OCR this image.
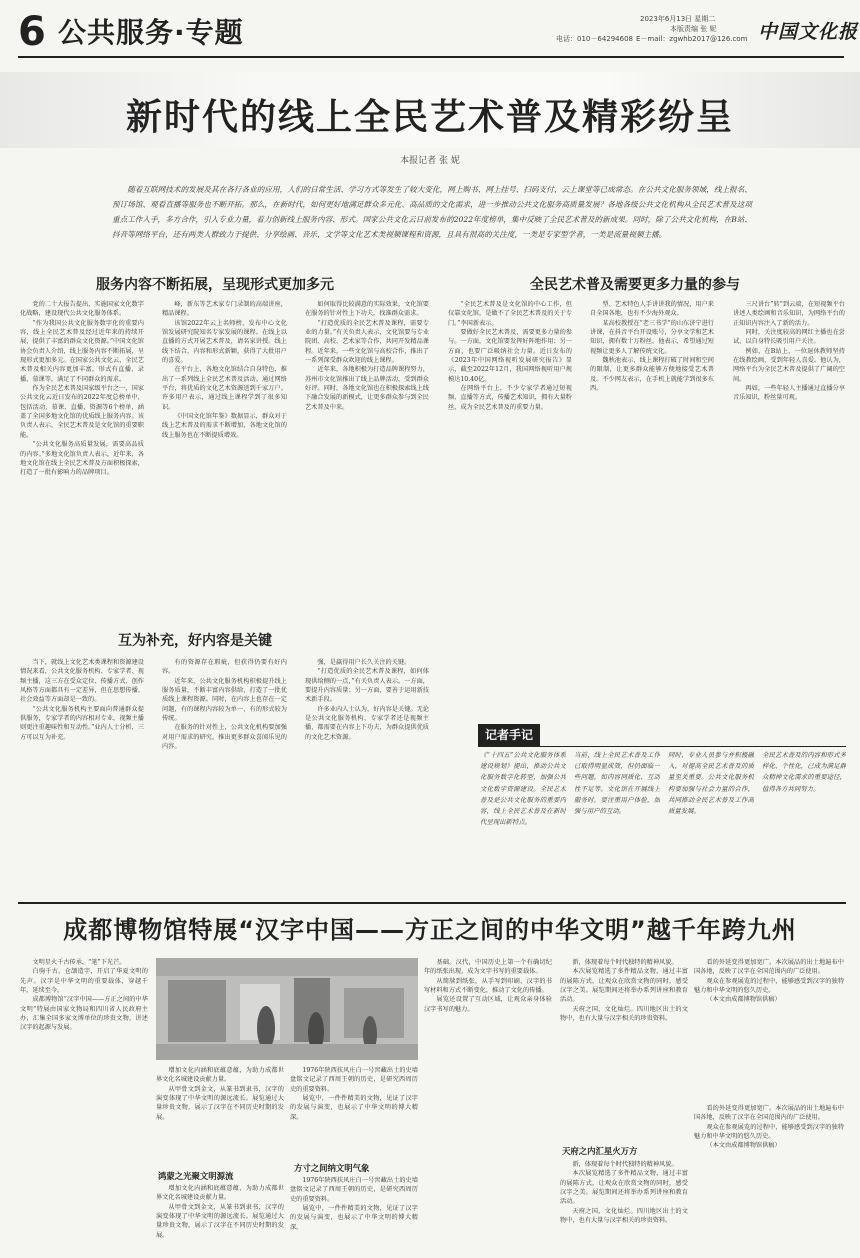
6 公共服务·专题	2023年6月13日 星期二
本版责编 张 妮
电话：010－64294608 E－mail：zgwhb2017@126.com 中国文化报
新时代的线上全民艺术普及精彩纷呈
本报记者 张 妮
随着互联网技术的发展及其在各行各业的应用，人们的日常生活、学习方式等发生了较大变化，网上购书、网上挂号、扫码支付、云上课堂等已成常态。在公共文化服务领域，线上报名、预订场馆、观看直播等服务也不断开拓。那么，在新时代，如何更好地满足群众多元化、高品质的文化需求，进一步推动公共文化服务高质量发展？各地各级公共文化机构从全民艺术普及这项重点工作入手，多方合作，引入专业力量，着力创新线上服务内容、形式。国家公共文化云日前发布的2022年度榜单，集中反映了全民艺术普及的新成果。同时，除了公共文化机构，在B站、抖音等网络平台，还有两类人群致力于提供、分享绘画、音乐、文学等文化艺术类视频课程和资源，且具有很高的关注度，一类是专家型学者，一类是流量视频主播。
服务内容不断拓展，呈现形式更加多元	全民艺术普及需要更多力量的参与

党的二十大报告提出，实施国家文化数字化战略，建设现代公共文化服务体系。

“作为我国公共文化服务数字化的重要内容，线上全民艺术普及经过近年来的持续开展，提供了丰富的群众文化资源。”中国文化馆协会负责人介绍，线上服务内容不断拓展，呈现形式更加多元。在国家公共文化云，全民艺术普及相关内容更加丰富，形式有直播、录播、慕课等，满足了不同群众的需求。

作为全民艺术普及国家级平台之一，国家公共文化云近日发布的2022年度总榜单中，包括活动、慕课、直播、资源等6个榜单，涵盖了全国多地文化馆的优质线上服务内容。该负责人表示，全民艺术普及是文化馆的重要职能。

“公共文化服务高质量发展，需要高品质的内容。”多地文化馆负责人表示，近年来，各地文化馆在线上全民艺术普及方面积极探索，打造了一批有影响力的品牌项目。

峰，新东等艺术家专门录制的高端讲座，精品课程。

该馆2022年云上名师榜，发布中心文化馆发展研究院知名专家发展的课程。在线上以直播的方式开展艺术普及，请名家讲授。线上线下结合，内容和形式新颖，获得了大批用户的喜爱。

在平台上，各地文化馆结合自身特色，推出了一系列线上全民艺术普及活动。通过网络平台，将优质的文化艺术资源送到千家万户。许多用户表示，通过线上课程学到了很多知识。

《中国文化馆年鉴》数据显示，群众对于线上艺术普及的需求不断增加，各地文化馆的线上服务也在不断提质增效。

如何取得比较满意的实际效果，文化馆要在服务的针对性上下功夫，找准群众需求。

“打造优质的全民艺术普及课程，需要专业的力量。”有关负责人表示，文化馆要与专业院团、高校、艺术家等合作，共同开发精品课程。近年来，一些文化馆与高校合作，推出了一系列深受群众欢迎的线上课程。

近年来，各地积极为打造品牌课程努力，苏州市文化馆推出了线上品牌活动，受到群众好评。同时，各地文化馆也在积极探索线上线下融合发展的新模式，让更多群众参与到全民艺术普及中来。

“全民艺术普及是文化馆的中心工作，但仅靠文化馆，是做不了全民艺术普及的关于专门。”李国新表示。

要做好全民艺术普及，需要更多力量的参与。一方面，文化馆要发挥好阵地作用；另一方面，也要广泛吸纳社会力量。近日发布的《2023年中国网络视听发展研究报告》显示，截至2022年12月，我国网络视听用户规模达10.40亿。

在网络平台上，不少专家学者通过短视频、直播等方式，传播艺术知识，拥有大量粉丝，成为全民艺术普及的重要力量。

型、艺术特色人手讲讲我的情况，用户来自全国各地，也有不少海外观众。

某高校教授在“老三书学”的山东济宁进行讲课，在抖音平台开设账号，分享文学和艺术知识，拥有数十万粉丝。他表示，希望通过短视频让更多人了解传统文化。

魏秋池表示，线上课程打破了时间和空间的限制，让更多群众能够方便地接受艺术普及。不少网友表示，在手机上就能学到很多东西。

三尺讲台”转“到云端，在短视频平台讲述人类绘画和音乐知识，为网络平台的正知识内容注入了新的活力。

同时，关注度较高的网红主播也在尝试，以自身特长吸引用户关注。

例如，在B站上，一位退休教师坚持在线教绘画，受到年轻人喜爱。他认为，网络平台为全民艺术普及提供了广阔的空间。

再如，一些年轻人主播通过直播分享音乐知识，粉丝量可观。

互为补充，好内容是关键

当下，就线上文化艺术类课程和资源建设情况来看，公共文化服务机构、专家学者、视频主播，这三方在受众定位、传播方式、创作风格等方面都具有一定差异，但在思想传播、社会效益等方面却是一致的。

“公共文化服务机构主要面向普通群众提供服务，专家学者的内容相对专业，视频主播则更注重趣味性和互动性。”业内人士分析，三方可以互为补充。

有的资源存在瑕疵，但获得仍要有好内容。

近年来，公共文化服务机构积极提升线上服务质量，不断丰富内容供给，打造了一批优质线上课程资源。同时，在内容上也存在一定问题，有的课程内容较为单一，有的形式较为传统。

在服务的针对性上，公共文化机构要加强对用户需求的研究，推出更多群众喜闻乐见的内容。

强，是赢得用户长久关注的关键。

“打造优质的全民艺术普及课程，如何体现供给侧的一点，”有关负责人表示。一方面，要提升内容质量；另一方面，要善于运用新技术新手段。

许多业内人士认为，好内容是关键。无论是公共文化服务机构、专家学者还是视频主播，都需要在内容上下功夫，为群众提供优质的文化艺术资源。	记者手记
《“十四五”公共文化服务体系建设规划》提出，推动公共文化服务数字化转型，加强公共文化数字资源建设。全民艺术普及是公共文化服务的重要内容，线上全民艺术普及在新时代呈现出新特点。
当前，线上全民艺术普及工作已取得明显成效，但仍面临一些问题，如内容同质化、互动性不足等。文化馆在开展线上服务时，要注重用户体验，加强与用户的互动。
同时，专业人员参与并积极融入，对提高全民艺术普及的质量至关重要。公共文化服务机构要加强与社会力量的合作，共同推动全民艺术普及工作高质量发展。
全民艺术普及的内容和形式多样化、个性化，已成为满足群众精神文化需求的重要途径，值得各方共同努力。
成都博物馆特展“汉字中国——方正之间的中华文明”越千年跨九州

文明星火千古传承，“笔”下光芒。

白驹千古，仓颉造字，开启了华夏文明的先声。汉字是中华文明的重要载体，穿越千年，延续至今。

成都博物馆“汉字中国——方正之间的中华文明”特展由国家文物局和四川省人民政府主办，汇集全国多家文博单位的珍贵文物，讲述汉字的起源与发展。

增加文化内涵和底蕴意蕴，为助力成都世界文化名城建设贡献力量。

从甲骨文到金文，从篆书到隶书，汉字的演变体现了中华文明的源远流长。展览通过大量珍贵文物，展示了汉字在不同历史时期的发展。

鸿蒙之光聚文明源流

增加文化内涵和底蕴意蕴，为助力成都世界文化名城建设贡献力量。

从甲骨文到金文，从篆书到隶书，汉字的演变体现了中华文明的源远流长。展览通过大量珍贵文物，展示了汉字在不同历史时期的发展。

1976年陕西扶风庄白一号窖藏出土的史墙盘铭文记录了西周王朝的历史，是研究西周历史的重要资料。

展览中，一件件精美的文物，见证了汉字的发展与演变，也展示了中华文明的博大精深。

方寸之间纳文明气象

1976年陕西扶风庄白一号窖藏出土的史墙盘铭文记录了西周王朝的历史，是研究西周历史的重要资料。

展览中，一件件精美的文物，见证了汉字的发展与演变，也展示了中华文明的博大精深。

基础。汉代，中国历史上第一个有确切纪年的纸张出现，成为文字书写的重要载体。

从简牍到纸张，从手写到印刷，汉字的书写材料和方式不断变化，推动了文化的传播。

展览还设置了互动区域，让观众亲身体验汉字书写的魅力。

新，体现着每个时代独特的精神风貌。

本次展览精选了多件精品文物，通过丰富的展陈方式，让观众在欣赏文物的同时，感受汉字之美。展览期间还将举办系列讲座和教育活动。

天府之国，文化灿烂。四川地区出土的文物中，也有大量与汉字相关的珍贵资料。

天府之内汇星火万方

新，体现着每个时代独特的精神风貌。

本次展览精选了多件精品文物，通过丰富的展陈方式，让观众在欣赏文物的同时，感受汉字之美。展览期间还将举办系列讲座和教育活动。

天府之国，文化灿烂。四川地区出土的文物中，也有大量与汉字相关的珍贵资料。

看的外延变得更加宽广。本次展品的出土地遍布中国各地，反映了汉字在全国范围内的广泛使用。

观众在参观展览的过程中，能够感受到汉字的独特魅力和中华文明的悠久历史。

（本文由成都博物馆供稿）

看的外延变得更加宽广。本次展品的出土地遍布中国各地，反映了汉字在全国范围内的广泛使用。

观众在参观展览的过程中，能够感受到汉字的独特魅力和中华文明的悠久历史。

（本文由成都博物馆供稿）
